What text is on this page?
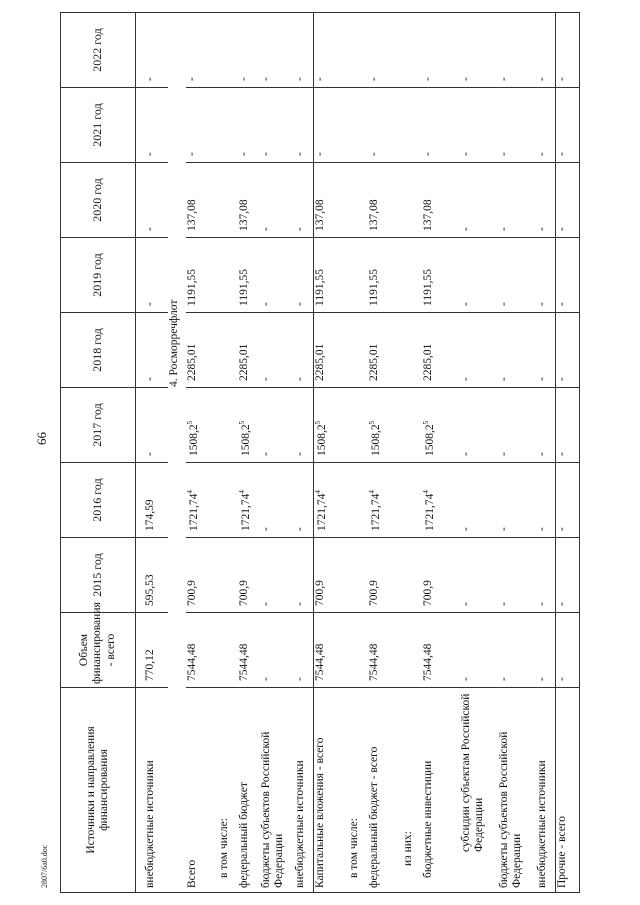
66
2807/6a0.doc
Источники и направления финансирования	Объем финансирования - всего	2015 год	2016 год	2017 год	2018 год	2019 год	2020 год	2021 год	2022 год
внебюджетные источники	770,12	595,53	174,59	-	-	-	-	-	-
4. Росморречфлот									
Всего	7544,48	700,9	1721,74$^4$	1508,2$^5$	2285,01	1191,55	137,08	-	-
в том числе:									
федеральный бюджет	7544,48	700,9	1721,74$^4$	1508,2$^5$	2285,01	1191,55	137,08	-	-
бюджеты субъектов Российской Федерации	-	-	-	-	-	-	-	-	-
внебюджетные источники	-	-	-	-	-	-	-	-	-
Капитальные вложения - всего	7544,48	700,9	1721,74$^4$	1508,2$^5$	2285,01	1191,55	137,08	-	-
в том числе:									
федеральный бюджет - всего	7544,48	700,9	1721,74$^4$	1508,2$^5$	2285,01	1191,55	137,08	-	-
из них:									
бюджетные инвестиции	7544,48	700,9	1721,74$^4$	1508,2$^5$	2285,01	1191,55	137,08	-	-
субсидии субъектам Российской Федерации	-	-	-	-	-	-	-	-	-
бюджеты субъектов Российской Федерации	-	-	-	-	-	-	-	-	-
внебюджетные источники	-	-	-	-	-	-	-	-	-
Прочие - всего	-	-	-	-	-	-	-	-	-
